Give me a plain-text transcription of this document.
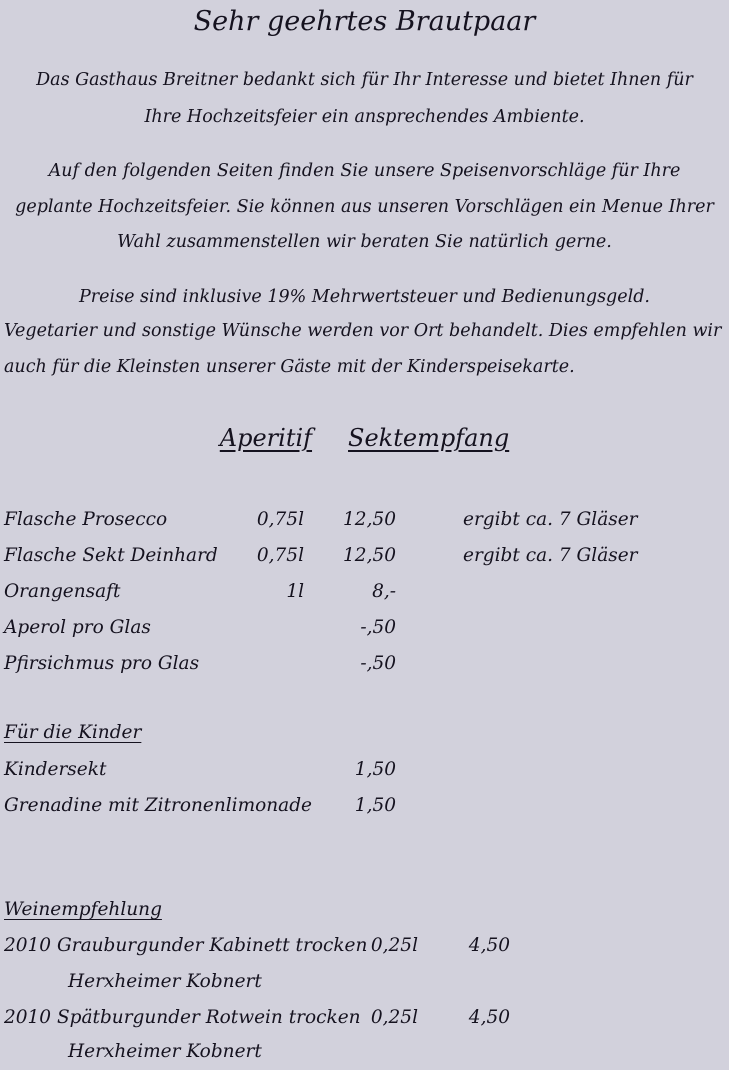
Sehr geehrtes Brautpaar
Das Gasthaus Breitner bedankt sich für Ihr Interesse und bietet Ihnen für
Ihre Hochzeitsfeier ein ansprechendes Ambiente.
Auf den folgenden Seiten finden Sie unsere Speisenvorschläge für Ihre
geplante Hochzeitsfeier. Sie können aus unseren Vorschlägen ein Menue Ihrer
Wahl zusammenstellen wir beraten Sie natürlich gerne.
Preise sind inklusive 19% Mehrwertsteuer und Bedienungsgeld.
Vegetarier und sonstige Wünsche werden vor Ort behandelt. Dies empfehlen wir
auch für die Kleinsten unserer Gäste mit der Kinderspeisekarte.
Aperitif Sektempfang
Flasche Prosecco	0,75l	12,50	ergibt ca. 7 Gläser
Flasche Sekt Deinhard	0,75l	12,50	ergibt ca. 7 Gläser
Orangensaft	1l	8,-
Aperol pro Glas	-,50
Pfirsichmus pro Glas	-,50
Für die Kinder
Kindersekt	1,50
Grenadine mit Zitronenlimonade	1,50
Weinempfehlung
2010 Grauburgunder Kabinett trocken 0,25l	4,50
Herxheimer Kobnert
2010 Spätburgunder Rotwein trocken 0,25l	4,50
Herxheimer Kobnert
